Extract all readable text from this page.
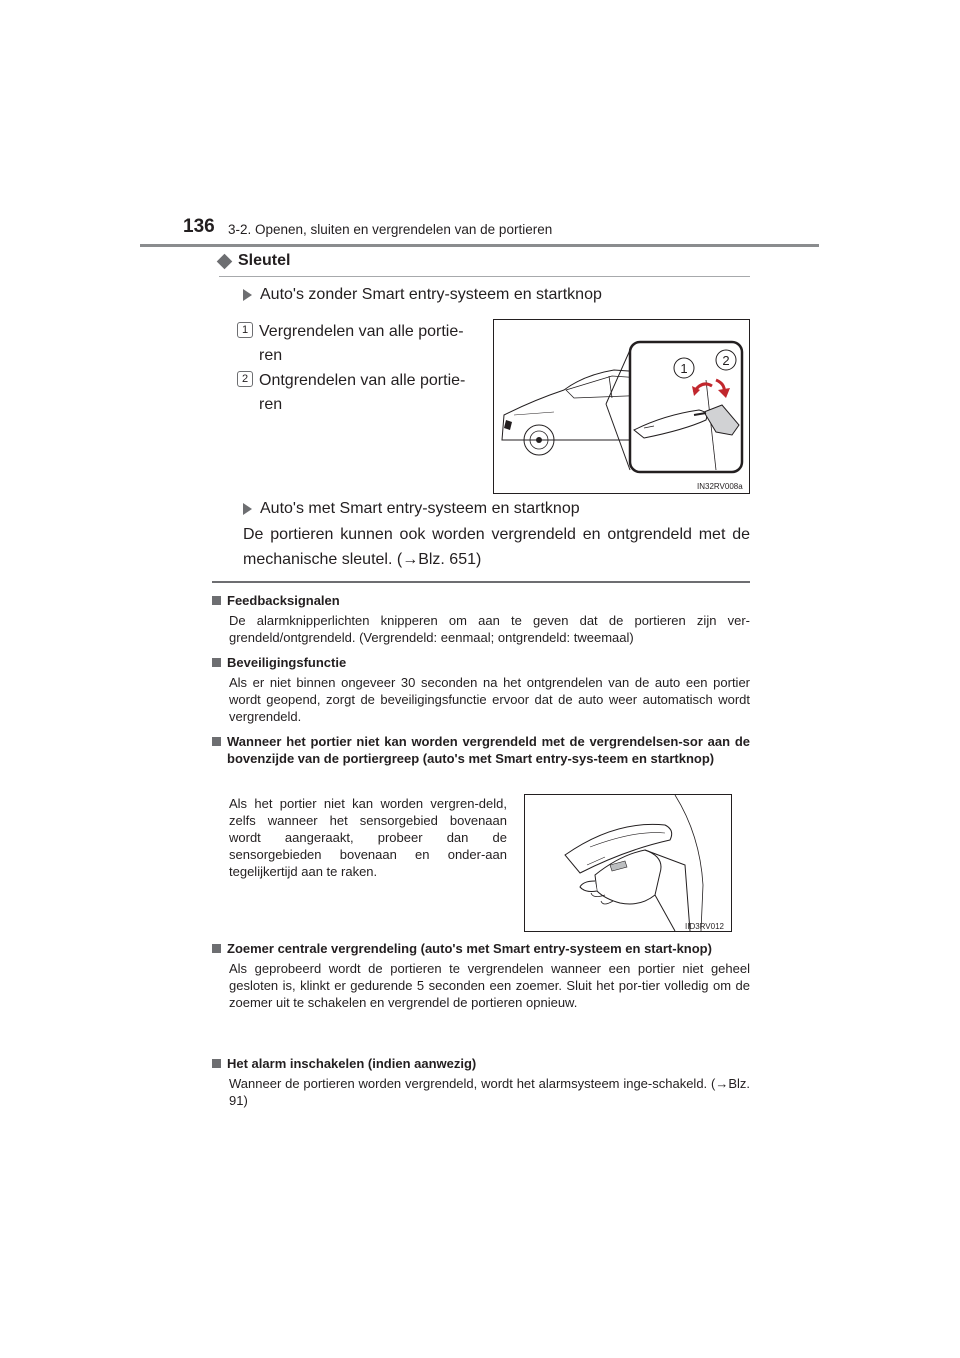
136 3-2. Openen, sluiten en vergrendelen van de portieren
Sleutel
Auto's zonder Smart entry-systeem en startknop
1 Vergrendelen van alle portie-
ren
2 Ontgrendelen van alle portie-
ren
1
2
IN32RV008a
Auto's met Smart entry-systeem en startknop
De portieren kunnen ook worden vergrendeld en ontgrendeld met de mechanische sleutel. (→Blz. 651)
Feedbacksignalen
De alarmknipperlichten knipperen om aan te geven dat de portieren zijn ver-grendeld/ontgrendeld. (Vergrendeld: eenmaal; ontgrendeld: tweemaal)
Beveiligingsfunctie
Als er niet binnen ongeveer 30 seconden na het ontgrendelen van de auto een portier wordt geopend, zorgt de beveiligingsfunctie ervoor dat de auto weer automatisch wordt vergrendeld.
Wanneer het portier niet kan worden vergrendeld met de vergrendelsen-sor aan de bovenzijde van de portiergreep (auto's met Smart entry-sys-teem en startknop)
Als het portier niet kan worden vergren-deld, zelfs wanneer het sensorgebied bovenaan wordt aangeraakt, probeer dan de sensorgebieden bovenaan en onder-aan tegelijkertijd aan te raken.
IID3RV012
Zoemer centrale vergrendeling (auto's met Smart entry-systeem en start-knop)
Als geprobeerd wordt de portieren te vergrendelen wanneer een portier niet geheel gesloten is, klinkt er gedurende 5 seconden een zoemer. Sluit het por-tier volledig om de zoemer uit te schakelen en vergrendel de portieren opnieuw.
Het alarm inschakelen (indien aanwezig)
Wanneer de portieren worden vergrendeld, wordt het alarmsysteem inge-schakeld. (→Blz. 91)
